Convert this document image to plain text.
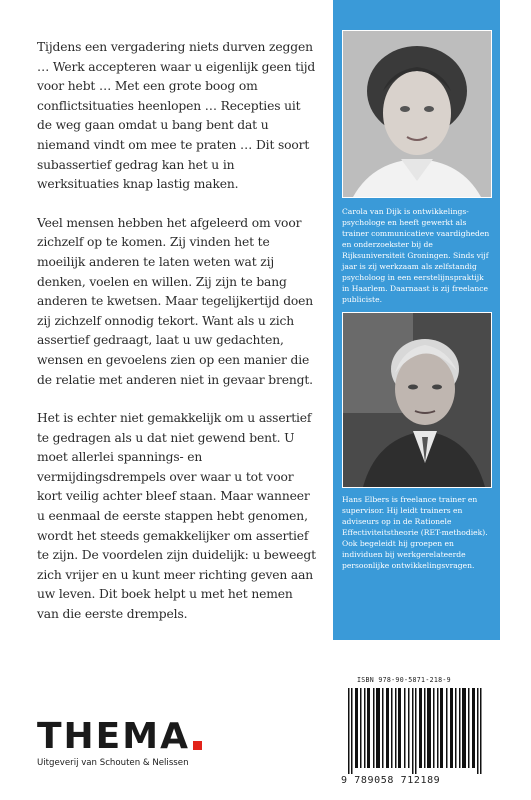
Tijdens een vergadering niets durven zeggen … Werk accepteren waar u eigenlijk geen tijd voor hebt … Met een grote boog om conflictsituaties heenlopen … Recepties uit de weg gaan omdat u bang bent dat u niemand vindt om mee te praten … Dit soort subassertief gedrag kan het u in werksituaties knap lastig maken.

Veel mensen hebben het afgeleerd om voor zichzelf op te komen. Zij vinden het te moeilijk anderen te laten weten wat zij denken, voelen en willen. Zij zijn te bang anderen te kwetsen. Maar tegelijkertijd doen zij zichzelf onnodig tekort. Want als u zich assertief gedraagt, laat u uw gedachten, wensen en gevoelens zien op een manier die de relatie met anderen niet in gevaar brengt.

Het is echter niet gemakkelijk om u assertief te gedragen als u dat niet gewend bent. U moet allerlei spannings- en vermijdingsdrempels over waar u tot voor kort veilig achter bleef staan. Maar wanneer u eenmaal de eerste stappen hebt genomen, wordt het steeds gemakkelijker om assertief te zijn. De voordelen zijn duidelijk: u beweegt zich vrijer en u kunt meer richting geven aan uw leven. Dit boek helpt u met het nemen van die eerste drempels.

Carola van Dijk is ontwikkelings-psychologe en heeft gewerkt als trainer communicatieve vaardigheden en onderzoekster bij de Rijksuniversiteit Groningen. Sinds vijf jaar is zij werkzaam als zelfstandig psycholoog in een eerstelijnspraktijk in Haarlem. Daarnaast is zij freelance publiciste.
Hans Elbers is freelance trainer en supervisor. Hij leidt trainers en adviseurs op in de Rationele Effectiviteitstheorie (RET-methodiek). Ook begeleidt hij groepen en individuen bij werkgerelateerde persoonlijke ontwikkelingsvragen.
THEMA
Uitgeverij van Schouten & Nelissen
ISBN 978-90-5871-218-9
9 789058 712189
